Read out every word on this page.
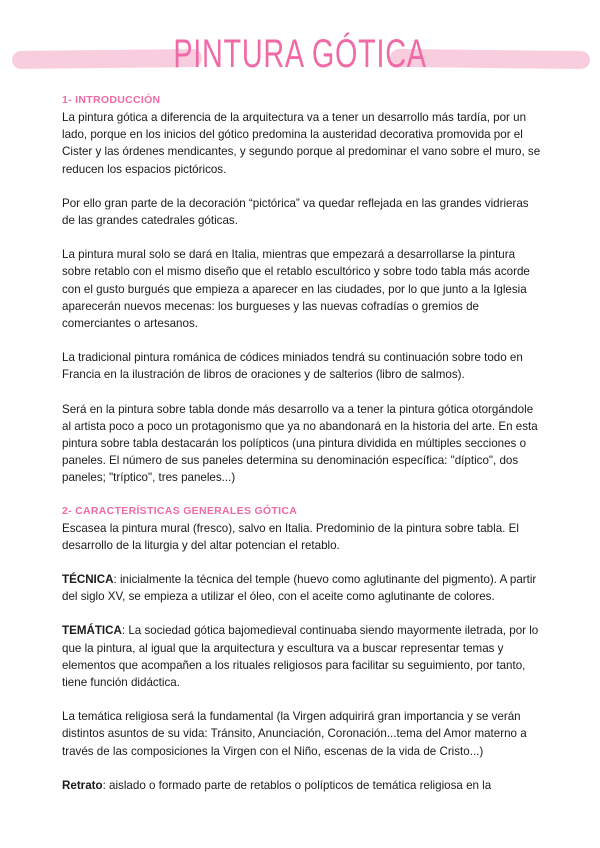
PINTURA GÓTICA
1- INTRODUCCIÓN

La pintura gótica a diferencia de la arquitectura va a tener un desarrollo más tardía, por un lado, porque en los inicios del gótico predomina la austeridad decorativa promovida por el Cister y las órdenes mendicantes, y segundo porque al predominar el vano sobre el muro, se reducen los espacios pictóricos.

Por ello gran parte de la decoración “pictórica” va quedar reflejada en las grandes vidrieras de las grandes catedrales góticas.

La pintura mural solo se dará en Italia, mientras que empezará a desarrollarse la pintura sobre retablo con el mismo diseño que el retablo escultórico y sobre todo tabla más acorde con el gusto burgués que empieza a aparecer en las ciudades, por lo que junto a la Iglesia aparecerán nuevos mecenas: los burgueses y las nuevas cofradías o gremios de comerciantes o artesanos.

La tradicional pintura románica de códices miniados tendrá su continuación sobre todo en Francia en la ilustración de libros de oraciones y de salterios (libro de salmos).

Será en la pintura sobre tabla donde más desarrollo va a tener la pintura gótica otorgándole al artista poco a poco un protagonismo que ya no abandonará en la historia del arte. En esta pintura sobre tabla destacarán los polípticos (una pintura dividida en múltiples secciones o paneles. El número de sus paneles determina su denominación específica: "díptico", dos paneles; "tríptico", tres paneles...)

2- CARACTERÍSTICAS GENERALES GÓTICA

Escasea la pintura mural (fresco), salvo en Italia. Predominio de la pintura sobre tabla. El desarrollo de la liturgia y del altar potencian el retablo.

TÉCNICA: inicialmente la técnica del temple (huevo como aglutinante del pigmento). A partir del siglo XV, se empieza a utilizar el óleo, con el aceite como aglutinante de colores.

TEMÁTICA: La sociedad gótica bajomedieval continuaba siendo mayormente iletrada, por lo que la pintura, al igual que la arquitectura y escultura va a buscar representar temas y elementos que acompañen a los rituales religiosos para facilitar su seguimiento, por tanto, tiene función didáctica.

La temática religiosa será la fundamental (la Virgen adquirirá gran importancia y se verán distintos asuntos de su vida: Tránsito, Anunciación, Coronación...tema del Amor materno a través de las composiciones la Virgen con el Niño, escenas de la vida de Cristo...)

Retrato: aislado o formado parte de retablos o polípticos de temática religiosa en la
